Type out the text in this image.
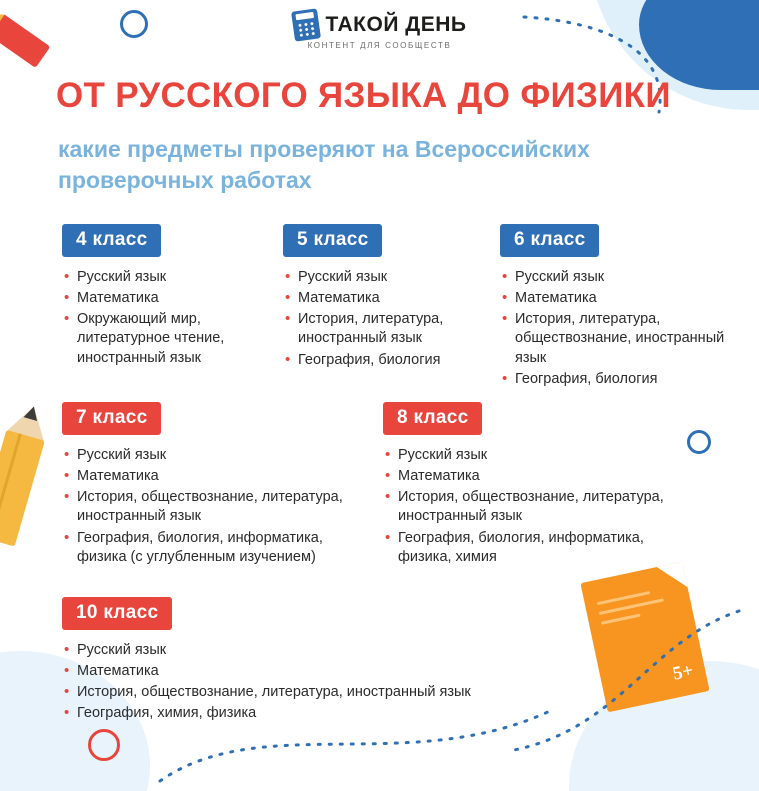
5+
ТАКОЙ ДЕНЬ
КОНТЕНТ ДЛЯ СООБЩЕСТВ
ОТ РУССКОГО ЯЗЫКА ДО ФИЗИКИ
какие предметы проверяют на Всероссийских проверочных работах
4 класс
• Русский язык
• Математика
• Окружающий мир, литературное чтение, иностранный язык
5 класс
• Русский язык
• Математика
• История, литература, иностранный язык
• География, биология
6 класс
• Русский язык
• Математика
• История, литература, обществознание, иностранный язык
• География, биология
7 класс
• Русский язык
• Математика
• История, обществознание, литература, иностранный язык
• География, биология, информатика, физика (с углубленным изучением)
8 класс
• Русский язык
• Математика
• История, обществознание, литература, иностранный язык
• География, биология, информатика, физика, химия
10 класс
• Русский язык
• Математика
• История, обществознание, литература, иностранный язык
• География, химия, физика
